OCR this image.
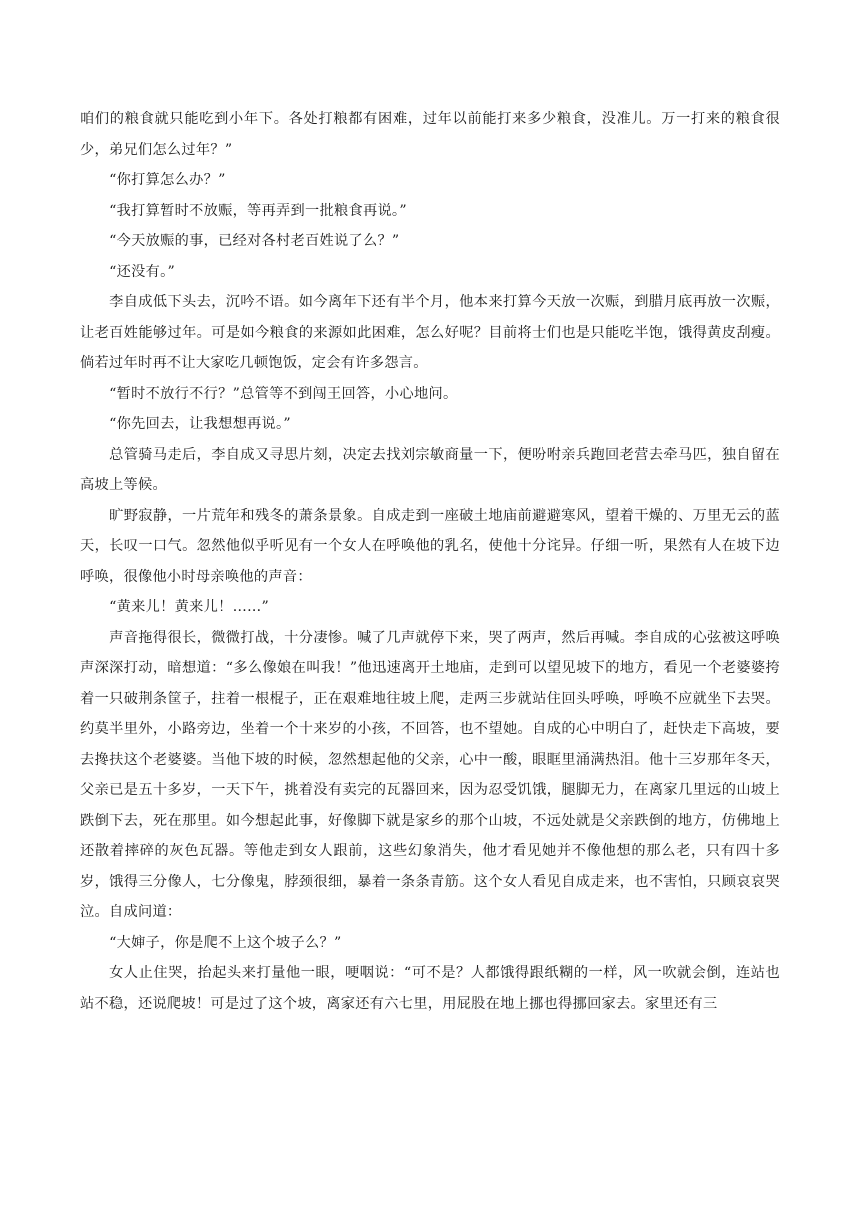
咱们的粮食就只能吃到小年下。各处打粮都有困难，过年以前能打来多少粮食，没准儿。万一打来的粮食很少，弟兄们怎么过年？”

“你打算怎么办？”

“我打算暂时不放赈，等再弄到一批粮食再说。”

“今天放赈的事，已经对各村老百姓说了么？”

“还没有。”

李自成低下头去，沉吟不语。如今离年下还有半个月，他本来打算今天放一次赈，到腊月底再放一次赈，让老百姓能够过年。可是如今粮食的来源如此困难，怎么好呢？目前将士们也是只能吃半饱，饿得黄皮刮瘦。倘若过年时再不让大家吃几顿饱饭，定会有许多怨言。

“暂时不放行不行？”总管等不到闯王回答，小心地问。

“你先回去，让我想想再说。”

总管骑马走后，李自成又寻思片刻，决定去找刘宗敏商量一下，便吩咐亲兵跑回老营去牵马匹，独自留在高坡上等候。

旷野寂静，一片荒年和残冬的萧条景象。自成走到一座破土地庙前避避寒风，望着干燥的、万里无云的蓝天，长叹一口气。忽然他似乎听见有一个女人在呼唤他的乳名，使他十分诧异。仔细一听，果然有人在坡下边呼唤，很像他小时母亲唤他的声音：

“黄来儿！黄来儿！……”

声音拖得很长，微微打战，十分凄惨。喊了几声就停下来，哭了两声，然后再喊。李自成的心弦被这呼唤声深深打动，暗想道：“多么像娘在叫我！”他迅速离开土地庙，走到可以望见坡下的地方，看见一个老婆婆挎着一只破荆条筐子，拄着一根棍子，正在艰难地往坡上爬，走两三步就站住回头呼唤，呼唤不应就坐下去哭。约莫半里外，小路旁边，坐着一个十来岁的小孩，不回答，也不望她。自成的心中明白了，赶快走下高坡，要去搀扶这个老婆婆。当他下坡的时候，忽然想起他的父亲，心中一酸，眼眶里涌满热泪。他十三岁那年冬天，父亲已是五十多岁，一天下午，挑着没有卖完的瓦器回来，因为忍受饥饿，腿脚无力，在离家几里远的山坡上跌倒下去，死在那里。如今想起此事，好像脚下就是家乡的那个山坡，不远处就是父亲跌倒的地方，仿佛地上还散着摔碎的灰色瓦器。等他走到女人跟前，这些幻象消失，他才看见她并不像他想的那么老，只有四十多岁，饿得三分像人，七分像鬼，脖颈很细，暴着一条条青筋。这个女人看见自成走来，也不害怕，只顾哀哀哭泣。自成问道：

“大婶子，你是爬不上这个坡子么？”

女人止住哭，抬起头来打量他一眼，哽咽说：“可不是？人都饿得跟纸糊的一样，风一吹就会倒，连站也站不稳，还说爬坡！可是过了这个坡，离家还有六七里，用屁股在地上挪也得挪回家去。家里还有三
